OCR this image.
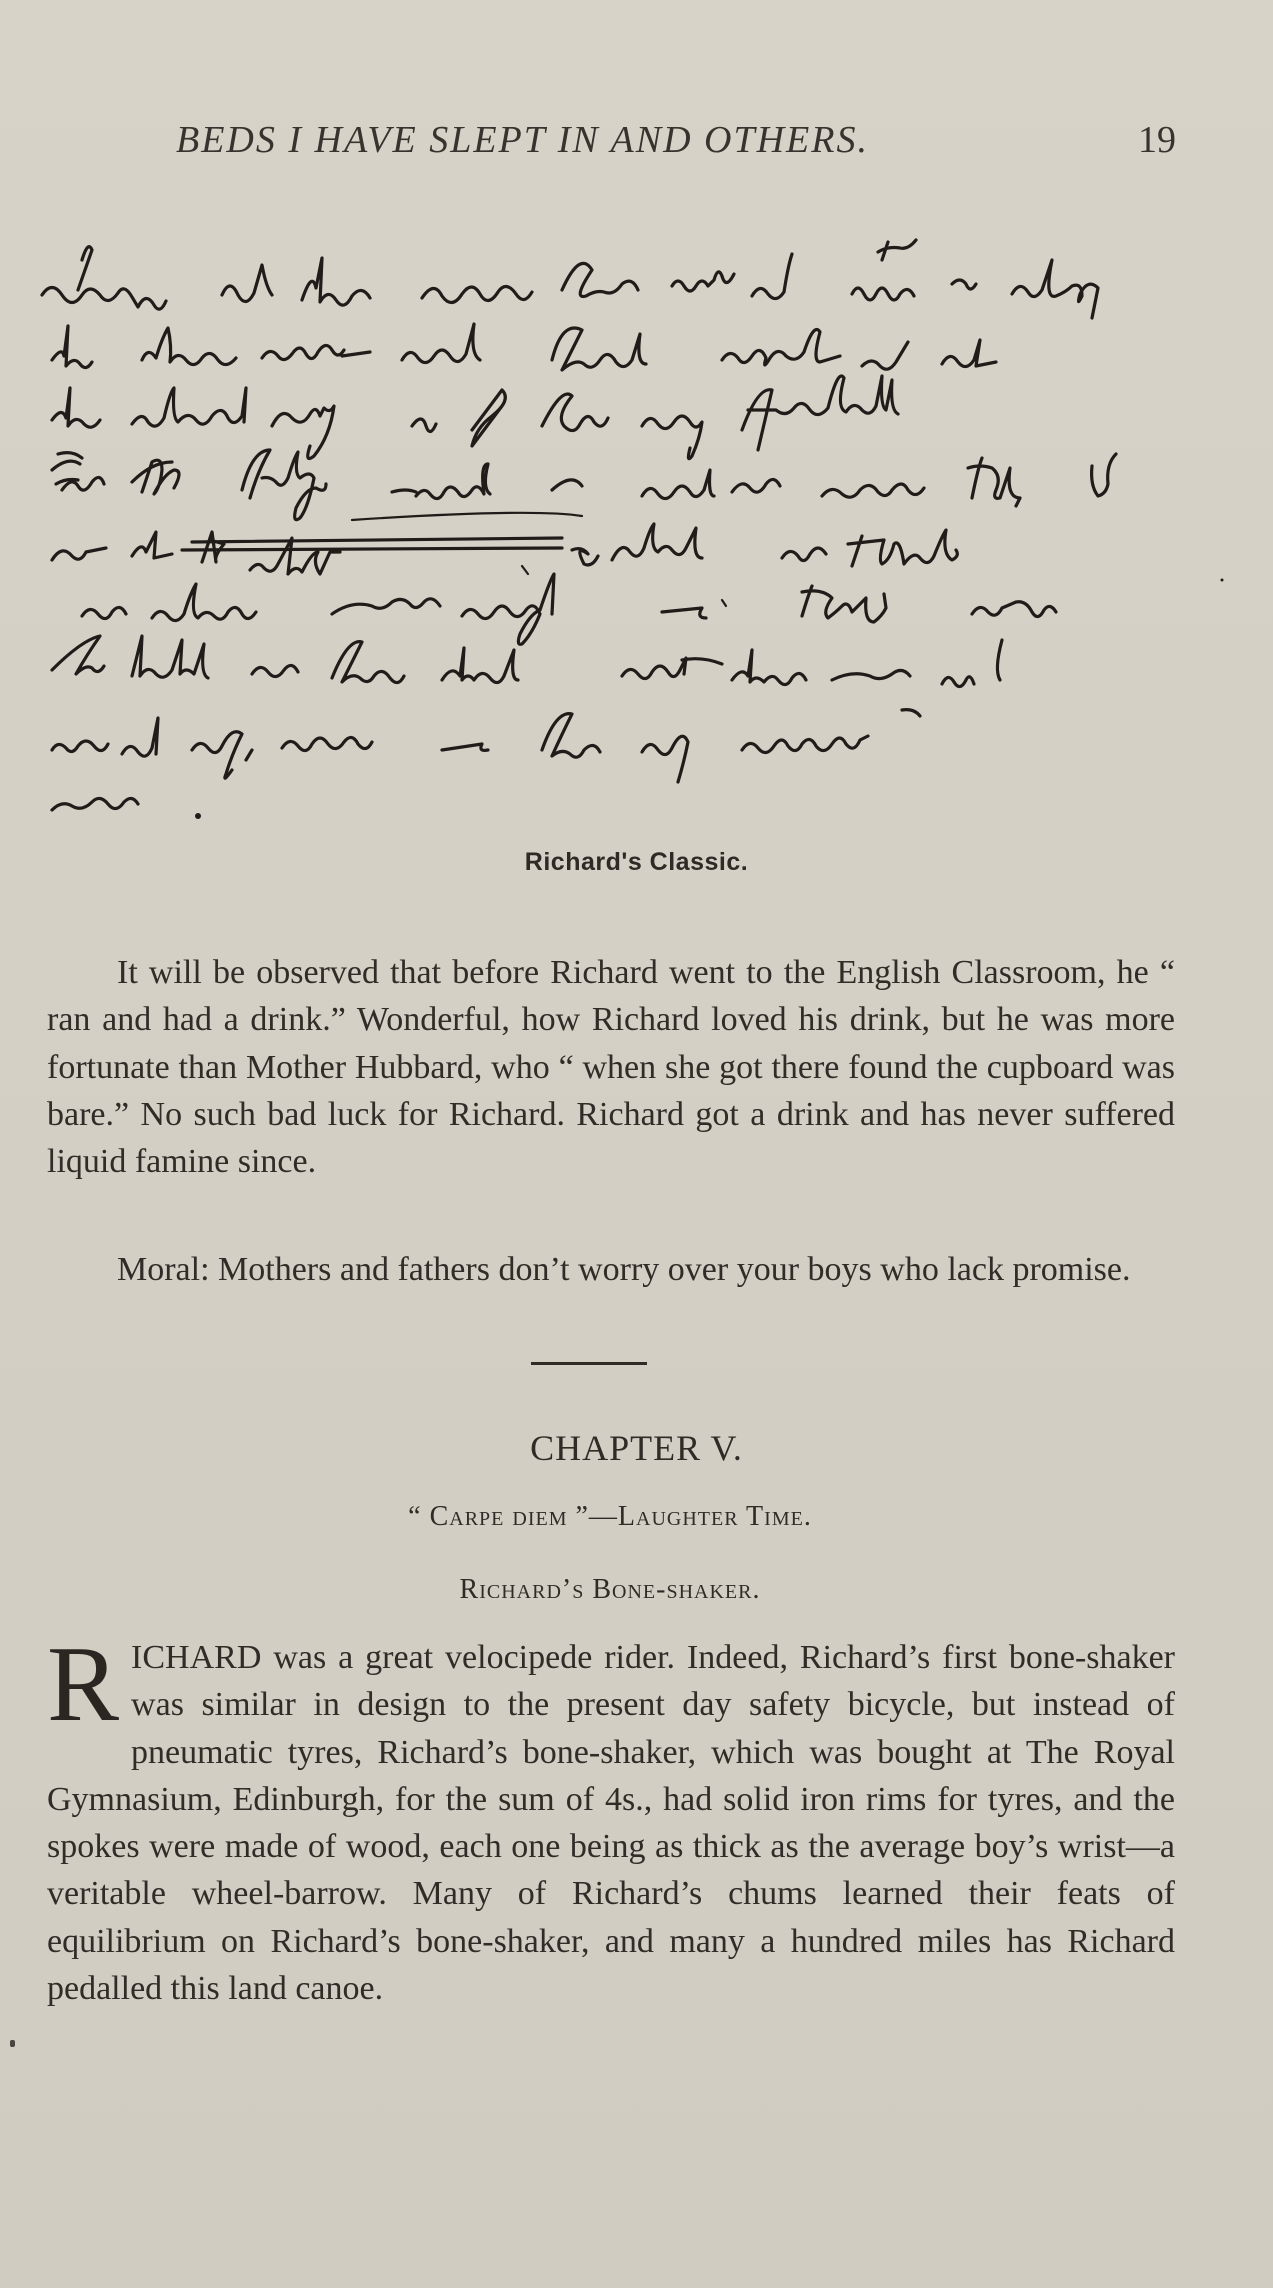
BEDS I HAVE SLEPT IN AND OTHERS.	19
Richard's Classic.

It will be observed that before Richard went to the English Classroom, he “ ran and had a drink.” Wonderful, how Richard loved his drink, but he was more fortunate than Mother Hubbard, who “ when she got there found the cupboard was bare.” No such bad luck for Richard. Richard got a drink and has never suffered liquid famine since.

Moral: Mothers and fathers don’t worry over your boys who lack promise.

CHAPTER V.
“ Carpe diem ”—Laughter Time.
Richard’s Bone-shaker.
R ICHARD was a great velocipede rider. Indeed, Richard’s first bone-shaker was similar in design to the present day safety bicycle, but instead of pneumatic tyres, Richard’s bone-shaker, which was bought at The Royal Gymnasium, Edinburgh, for the sum of 4s., had solid iron rims for tyres, and the spokes were made of wood, each one being as thick as the average boy’s wrist—a veritable wheel-barrow. Many of Richard’s chums learned their feats of equilibrium on Richard’s bone-shaker, and many a hundred miles has Richard pedalled this land canoe.
